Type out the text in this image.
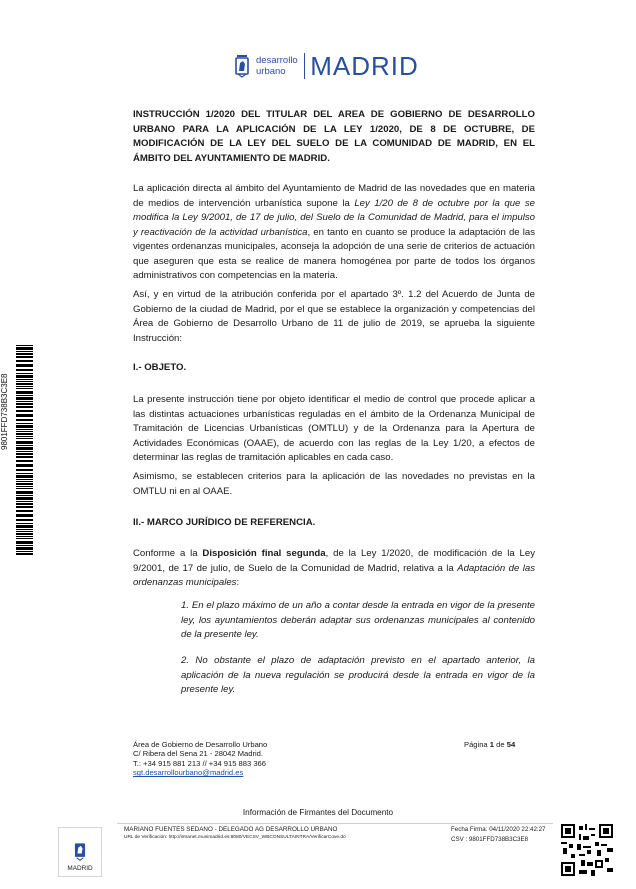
desarrollo
urbano MADRID
INSTRUCCIÓN 1/2020 DEL TITULAR DEL AREA DE GOBIERNO DE DESARROLLO URBANO PARA LA APLICACIÓN DE LA LEY 1/2020, DE 8 DE OCTUBRE, DE MODIFICACIÓN DE LA LEY DEL SUELO DE LA COMUNIDAD DE MADRID, EN EL ÁMBITO DEL AYUNTAMIENTO DE MADRID.

La aplicación directa al ámbito del Ayuntamiento de Madrid de las novedades que en materia de medios de intervención urbanística supone la Ley 1/20 de 8 de octubre por la que se modifica la Ley 9/2001, de 17 de julio, del Suelo de la Comunidad de Madrid, para el impulso y reactivación de la actividad urbanística, en tanto en cuanto se produce la adaptación de las vigentes ordenanzas municipales, aconseja la adopción de una serie de criterios de actuación que aseguren que esta se realice de manera homogénea por parte de todos los órganos administrativos con competencias en la materia.

Así, y en virtud de la atribución conferida por el apartado 3º. 1.2 del Acuerdo de Junta de Gobierno de la ciudad de Madrid, por el que se establece la organización y competencias del Área de Gobierno de Desarrollo Urbano de 11 de julio de 2019, se aprueba la siguiente Instrucción:

I.- OBJETO.

La presente instrucción tiene por objeto identificar el medio de control que procede aplicar a las distintas actuaciones urbanísticas reguladas en el ámbito de la Ordenanza Municipal de Tramitación de Licencias Urbanísticas (OMTLU) y de la Ordenanza para la Apertura de Actividades Económicas (OAAE), de acuerdo con las reglas de la Ley 1/20, a efectos de determinar las reglas de tramitación aplicables en cada caso.

Asimismo, se establecen criterios para la aplicación de las novedades no previstas en la OMTLU ni en al OAAE.

II.- MARCO JURÍDICO DE REFERENCIA.

Conforme a la Disposición final segunda, de la Ley 1/2020, de modificación de la Ley 9/2001, de 17 de julio, de Suelo de la Comunidad de Madrid, relativa a la Adaptación de las ordenanzas municipales:

1. En el plazo máximo de un año a contar desde la entrada en vigor de la presente ley, los ayuntamientos deberán adaptar sus ordenanzas municipales al contenido de la presente ley.
2. No obstante el plazo de adaptación previsto en el apartado anterior, la aplicación de la nueva regulación se producirá desde la entrada en vigor de la presente ley.
Área de Gobierno de Desarrollo Urbano
C/ Ribera del Sena 21 - 28042 Madrid.
T.: +34 915 881 213 // +34 915 883 366
sgt.desarrollourbano@madrid.es
Página 1 de 54
Información de Firmantes del Documento
MADRID
MARIANO FUENTES SEDANO - DELEGADO AG DESARROLLO URBANO
URL de Verificación: http://intranet.munimadrid.es:8080/VECSV_WBCONSULTAINTRA/VerificarCove.do
Fecha Firma: 04/11/2020 22:42:27
CSV : 9801FFD738B3C3E8
9801FFD738B3C3E8
